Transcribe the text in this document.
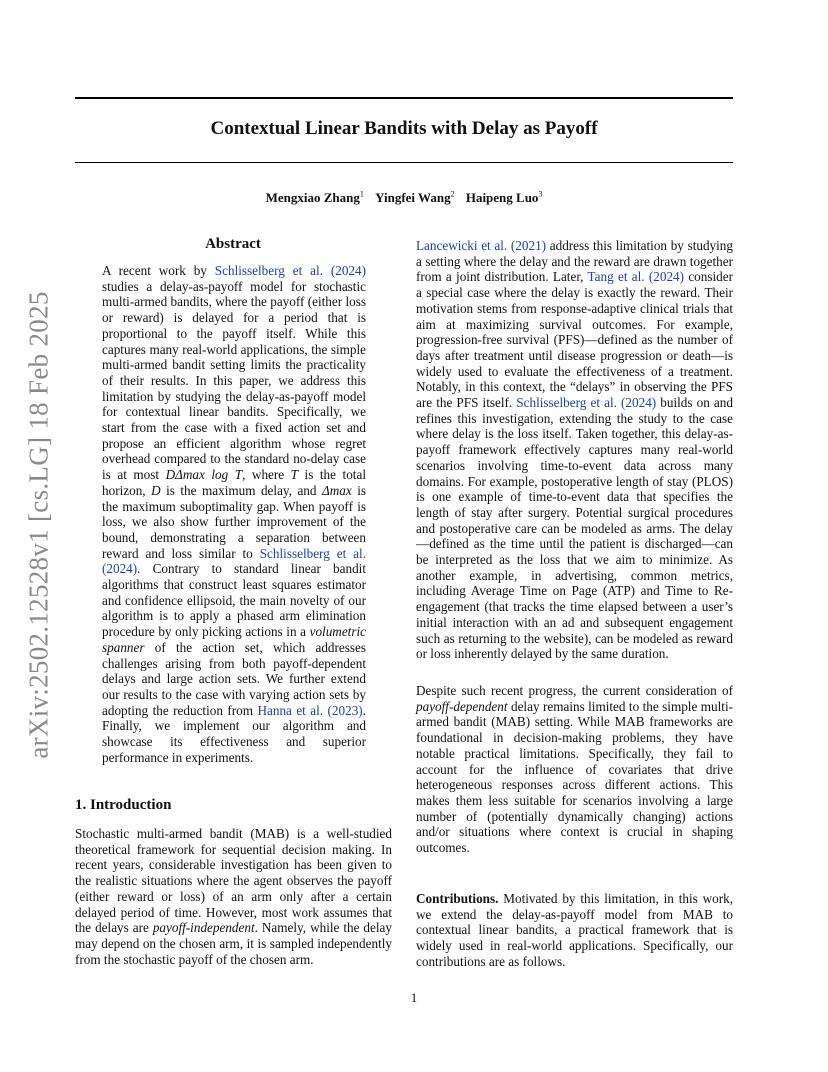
Contextual Linear Bandits with Delay as Payoff
Mengxiao Zhang$^1$ Yingfei Wang$^2$ Haipeng Luo$^3$
arXiv:2502.12528v1 [cs.LG] 18 Feb 2025
Abstract
A recent work by Schlisselberg et al. (2024) studies a delay-as-payoff model for stochastic multi-armed bandits, where the payoff (either loss or reward) is delayed for a period that is proportional to the payoff itself. While this captures many real-world applications, the simple multi-armed bandit setting limits the practicality of their results. In this paper, we address this limitation by studying the delay-as-payoff model for contextual linear bandits. Specifically, we start from the case with a fixed action set and propose an efficient algorithm whose regret overhead compared to the standard no-delay case is at most DΔmax log T, where T is the total horizon, D is the maximum delay, and Δmax is the maximum suboptimality gap. When payoff is loss, we also show further improvement of the bound, demonstrating a separation between reward and loss similar to Schlisselberg et al. (2024). Contrary to standard linear bandit algorithms that construct least squares estimator and confidence ellipsoid, the main novelty of our algorithm is to apply a phased arm elimination procedure by only picking actions in a volumetric spanner of the action set, which addresses challenges arising from both payoff-dependent delays and large action sets. We further extend our results to the case with varying action sets by adopting the reduction from Hanna et al. (2023). Finally, we implement our algorithm and showcase its effectiveness and superior performance in experiments.
1. Introduction
Stochastic multi-armed bandit (MAB) is a well-studied theoretical framework for sequential decision making. In recent years, considerable investigation has been given to the realistic situations where the agent observes the payoff (either reward or loss) of an arm only after a certain delayed period of time. However, most work assumes that the delays are payoff-independent. Namely, while the delay may depend on the chosen arm, it is sampled independently from the stochastic payoff of the chosen arm.
Lancewicki et al. (2021) address this limitation by studying a setting where the delay and the reward are drawn together from a joint distribution. Later, Tang et al. (2024) consider a special case where the delay is exactly the reward. Their motivation stems from response-adaptive clinical trials that aim at maximizing survival outcomes. For example, progression-free survival (PFS)—defined as the number of days after treatment until disease progression or death—is widely used to evaluate the effectiveness of a treatment. Notably, in this context, the “delays” in observing the PFS are the PFS itself. Schlisselberg et al. (2024) builds on and refines this investigation, extending the study to the case where delay is the loss itself. Taken together, this delay-as-payoff framework effectively captures many real-world scenarios involving time-to-event data across many domains. For example, postoperative length of stay (PLOS) is one example of time-to-event data that specifies the length of stay after surgery. Potential surgical procedures and postoperative care can be modeled as arms. The delay—defined as the time until the patient is discharged—can be interpreted as the loss that we aim to minimize. As another example, in advertising, common metrics, including Average Time on Page (ATP) and Time to Re-engagement (that tracks the time elapsed between a user’s initial interaction with an ad and subsequent engagement such as returning to the website), can be modeled as reward or loss inherently delayed by the same duration.
Despite such recent progress, the current consideration of payoff-dependent delay remains limited to the simple multi-armed bandit (MAB) setting. While MAB frameworks are foundational in decision-making problems, they have notable practical limitations. Specifically, they fail to account for the influence of covariates that drive heterogeneous responses across different actions. This makes them less suitable for scenarios involving a large number of (potentially dynamically changing) actions and/or situations where context is crucial in shaping outcomes.
Contributions. Motivated by this limitation, in this work, we extend the delay-as-payoff model from MAB to contextual linear bandits, a practical framework that is widely used in real-world applications. Specifically, our contributions are as follows.
1
